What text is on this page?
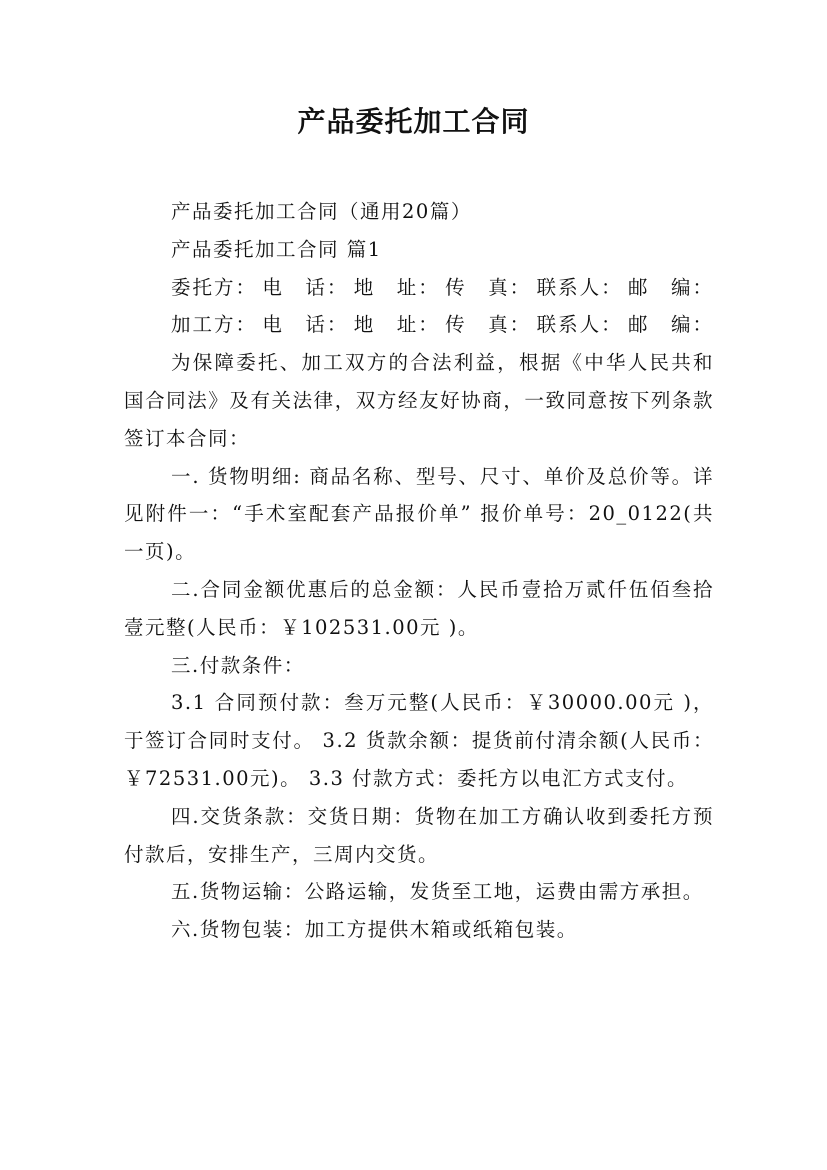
产品委托加工合同

产品委托加工合同（通用20篇）

产品委托加工合同 篇1

委托方： 电　话： 地　址： 传　真： 联系人： 邮　编：
加工方： 电　话： 地　址： 传　真： 联系人： 邮　编：

为保障委托、加工双方的合法利益，根据《中华人民共和国合同法》及有关法律，双方经友好协商，一致同意按下列条款签订本合同：

一. 货物明细: 商品名称、型号、尺寸、单价及总价等。详见附件一：“手术室配套产品报价单” 报价单号：20_0122(共一页)。

二.合同金额优惠后的总金额：人民币壹拾万贰仟伍佰叁拾壹元整(人民币：￥102531.00元 )。

三.付款条件：

3.1 合同预付款：叁万元整(人民币：￥30000.00元 )，于签订合同时支付。 3.2 货款余额：提货前付清余额(人民币：￥72531.00元)。 3.3 付款方式：委托方以电汇方式支付。

四.交货条款：交货日期：货物在加工方确认收到委托方预付款后，安排生产，三周内交货。

五.货物运输：公路运输，发货至工地，运费由需方承担。

六.货物包装：加工方提供木箱或纸箱包装。
